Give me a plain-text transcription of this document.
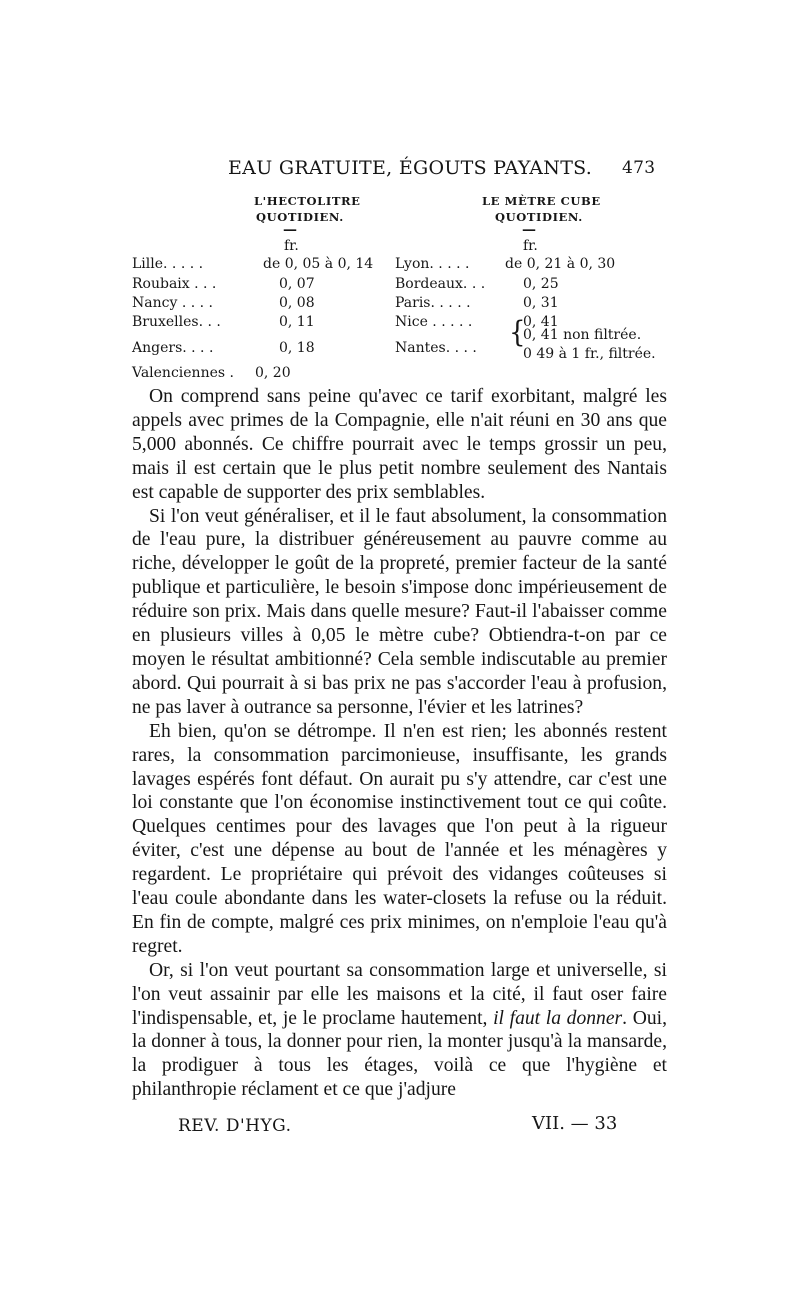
EAU GRATUITE, ÉGOUTS PAYANTS. 473
L'HECTOLITRE
QUOTIDIEN.
—
fr.
LE MÈTRE CUBE
QUOTIDIEN.
—
fr.
Lille. . . . .	de 0, 05 à 0, 14
Roubaix . . .	0, 07
Nancy . . . .	0, 08
Bruxelles. . .	0, 11
Angers. . . .	0, 18
Valenciennes . 0, 20
Lyon. . . . .	de 0, 21 à 0, 30
Bordeaux. . .	0, 25
Paris. . . . .	0, 31
Nice . . . . .	0, 41
Nantes. . . . {
0, 41 non filtrée.
0 49 à 1 fr., filtrée.

On comprend sans peine qu'avec ce tarif exorbitant, malgré les appels avec primes de la Compagnie, elle n'ait réuni en 30 ans que 5,000 abonnés. Ce chiffre pourrait avec le temps grossir un peu, mais il est certain que le plus petit nombre seulement des Nantais est capable de supporter des prix semblables.

Si l'on veut généraliser, et il le faut absolument, la consommation de l'eau pure, la distribuer généreusement au pauvre comme au riche, développer le goût de la propreté, premier facteur de la santé publique et particulière, le besoin s'impose donc impérieusement de réduire son prix. Mais dans quelle mesure? Faut-il l'abaisser comme en plusieurs villes à 0,05 le mètre cube? Obtiendra-t-on par ce moyen le résultat ambitionné? Cela semble indiscutable au premier abord. Qui pourrait à si bas prix ne pas s'accorder l'eau à profusion, ne pas laver à outrance sa personne, l'évier et les latrines?

Eh bien, qu'on se détrompe. Il n'en est rien; les abonnés restent rares, la consommation parcimonieuse, insuffisante, les grands lavages espérés font défaut. On aurait pu s'y attendre, car c'est une loi constante que l'on économise instinctivement tout ce qui coûte. Quelques centimes pour des lavages que l'on peut à la rigueur éviter, c'est une dépense au bout de l'année et les ménagères y regardent. Le propriétaire qui prévoit des vidanges coûteuses si l'eau coule abondante dans les water-closets la refuse ou la réduit. En fin de compte, malgré ces prix minimes, on n'emploie l'eau qu'à regret.

Or, si l'on veut pourtant sa consommation large et universelle, si l'on veut assainir par elle les maisons et la cité, il faut oser faire l'indispensable, et, je le proclame hautement, il faut la donner. Oui, la donner à tous, la donner pour rien, la monter jusqu'à la mansarde, la prodiguer à tous les étages, voilà ce que l'hygiène et philanthropie réclament et ce que j'adjure

REV. D'HYG.	VII. — 33
